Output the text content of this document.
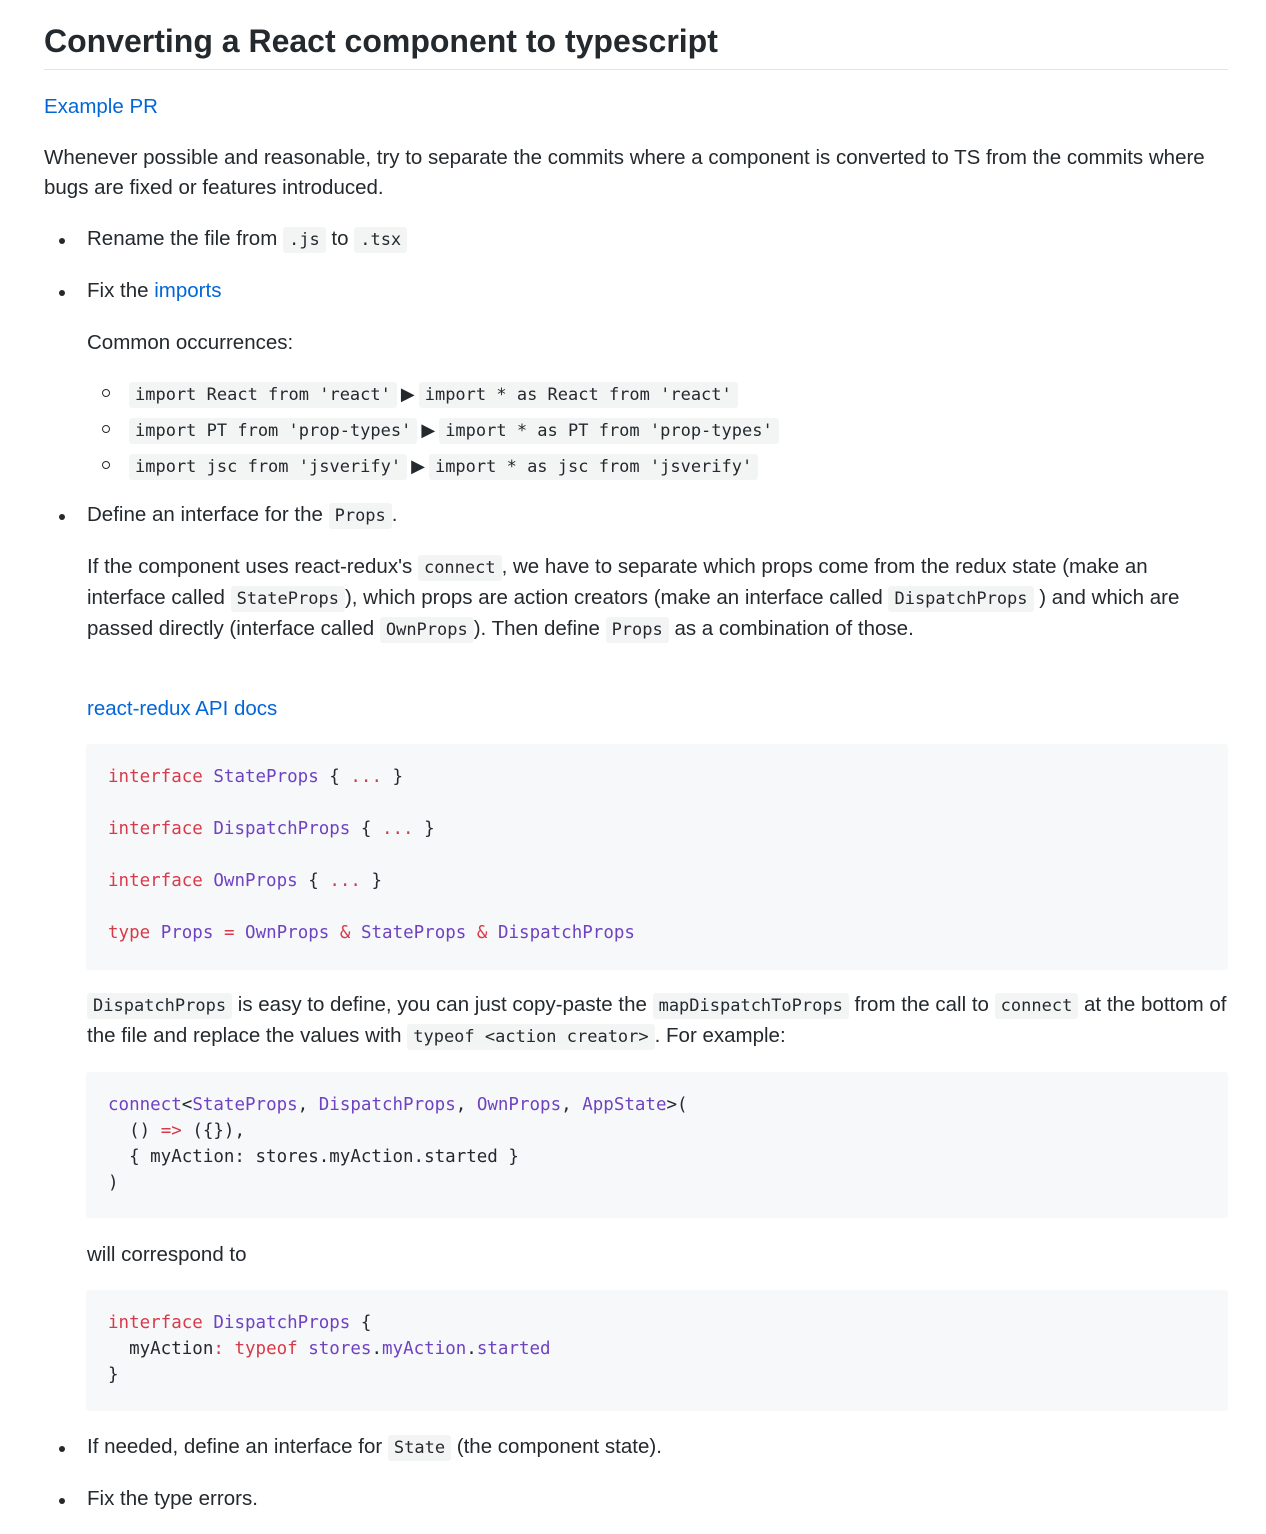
Converting a React component to typescript
Example PR

Whenever possible and reasonable, try to separate the commits where a component is converted to TS from the commits where bugs are fixed or features introduced.

Rename the file from .js to .tsx

Fix the imports

Common occurrences:

import React from 'react' ▶ import * as React from 'react'

import PT from 'prop-types' ▶ import * as PT from 'prop-types'

import jsc from 'jsverify' ▶ import * as jsc from 'jsverify'

Define an interface for the Props .

If the component uses react-redux's connect , we have to separate which props come from the redux state (make an interface called StateProps ), which props are action creators (make an interface called DispatchProps ) and which are passed directly (interface called OwnProps ). Then define Props as a combination of those.

react-redux API docs
interface StateProps { ... }

interface DispatchProps { ... }

interface OwnProps { ... }

type Props = OwnProps & StateProps & DispatchProps

DispatchProps is easy to define, you can just copy-paste the mapDispatchToProps from the call to connect at the bottom of the file and replace the values with typeof <action creator> . For example:

connect<StateProps, DispatchProps, OwnProps, AppState>(
() => ({}),
{ myAction: stores.myAction.started }
)

will correspond to

interface DispatchProps {
myAction: typeof stores.myAction.started
}

If needed, define an interface for State (the component state).

Fix the type errors.
